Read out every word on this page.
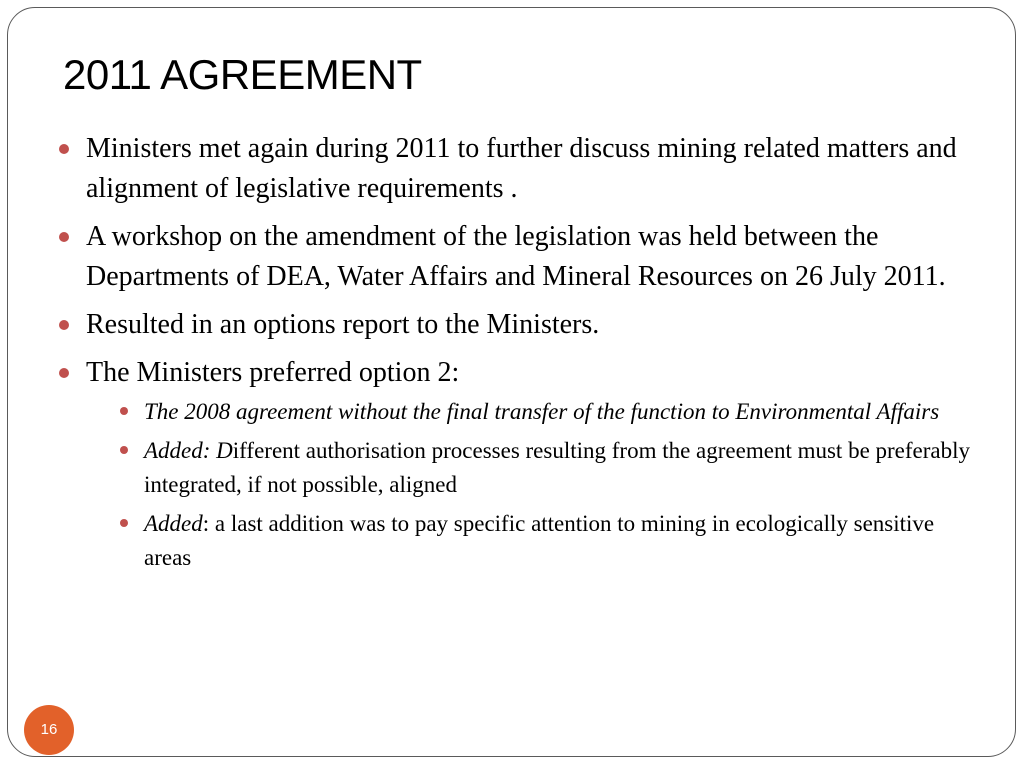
2011 AGREEMENT
Ministers met again during 2011 to further discuss mining related matters and alignment of legislative requirements .
A workshop on the amendment of the legislation was held between the Departments of DEA, Water Affairs and Mineral Resources on 26 July 2011.
Resulted in an options report to the Ministers.
The Ministers preferred option 2:
The 2008 agreement without the final transfer of the function to Environmental Affairs
Added: Different authorisation processes resulting from the agreement must be preferably integrated, if not possible, aligned
Added: a last addition was to pay specific attention to mining in ecologically sensitive areas
16
